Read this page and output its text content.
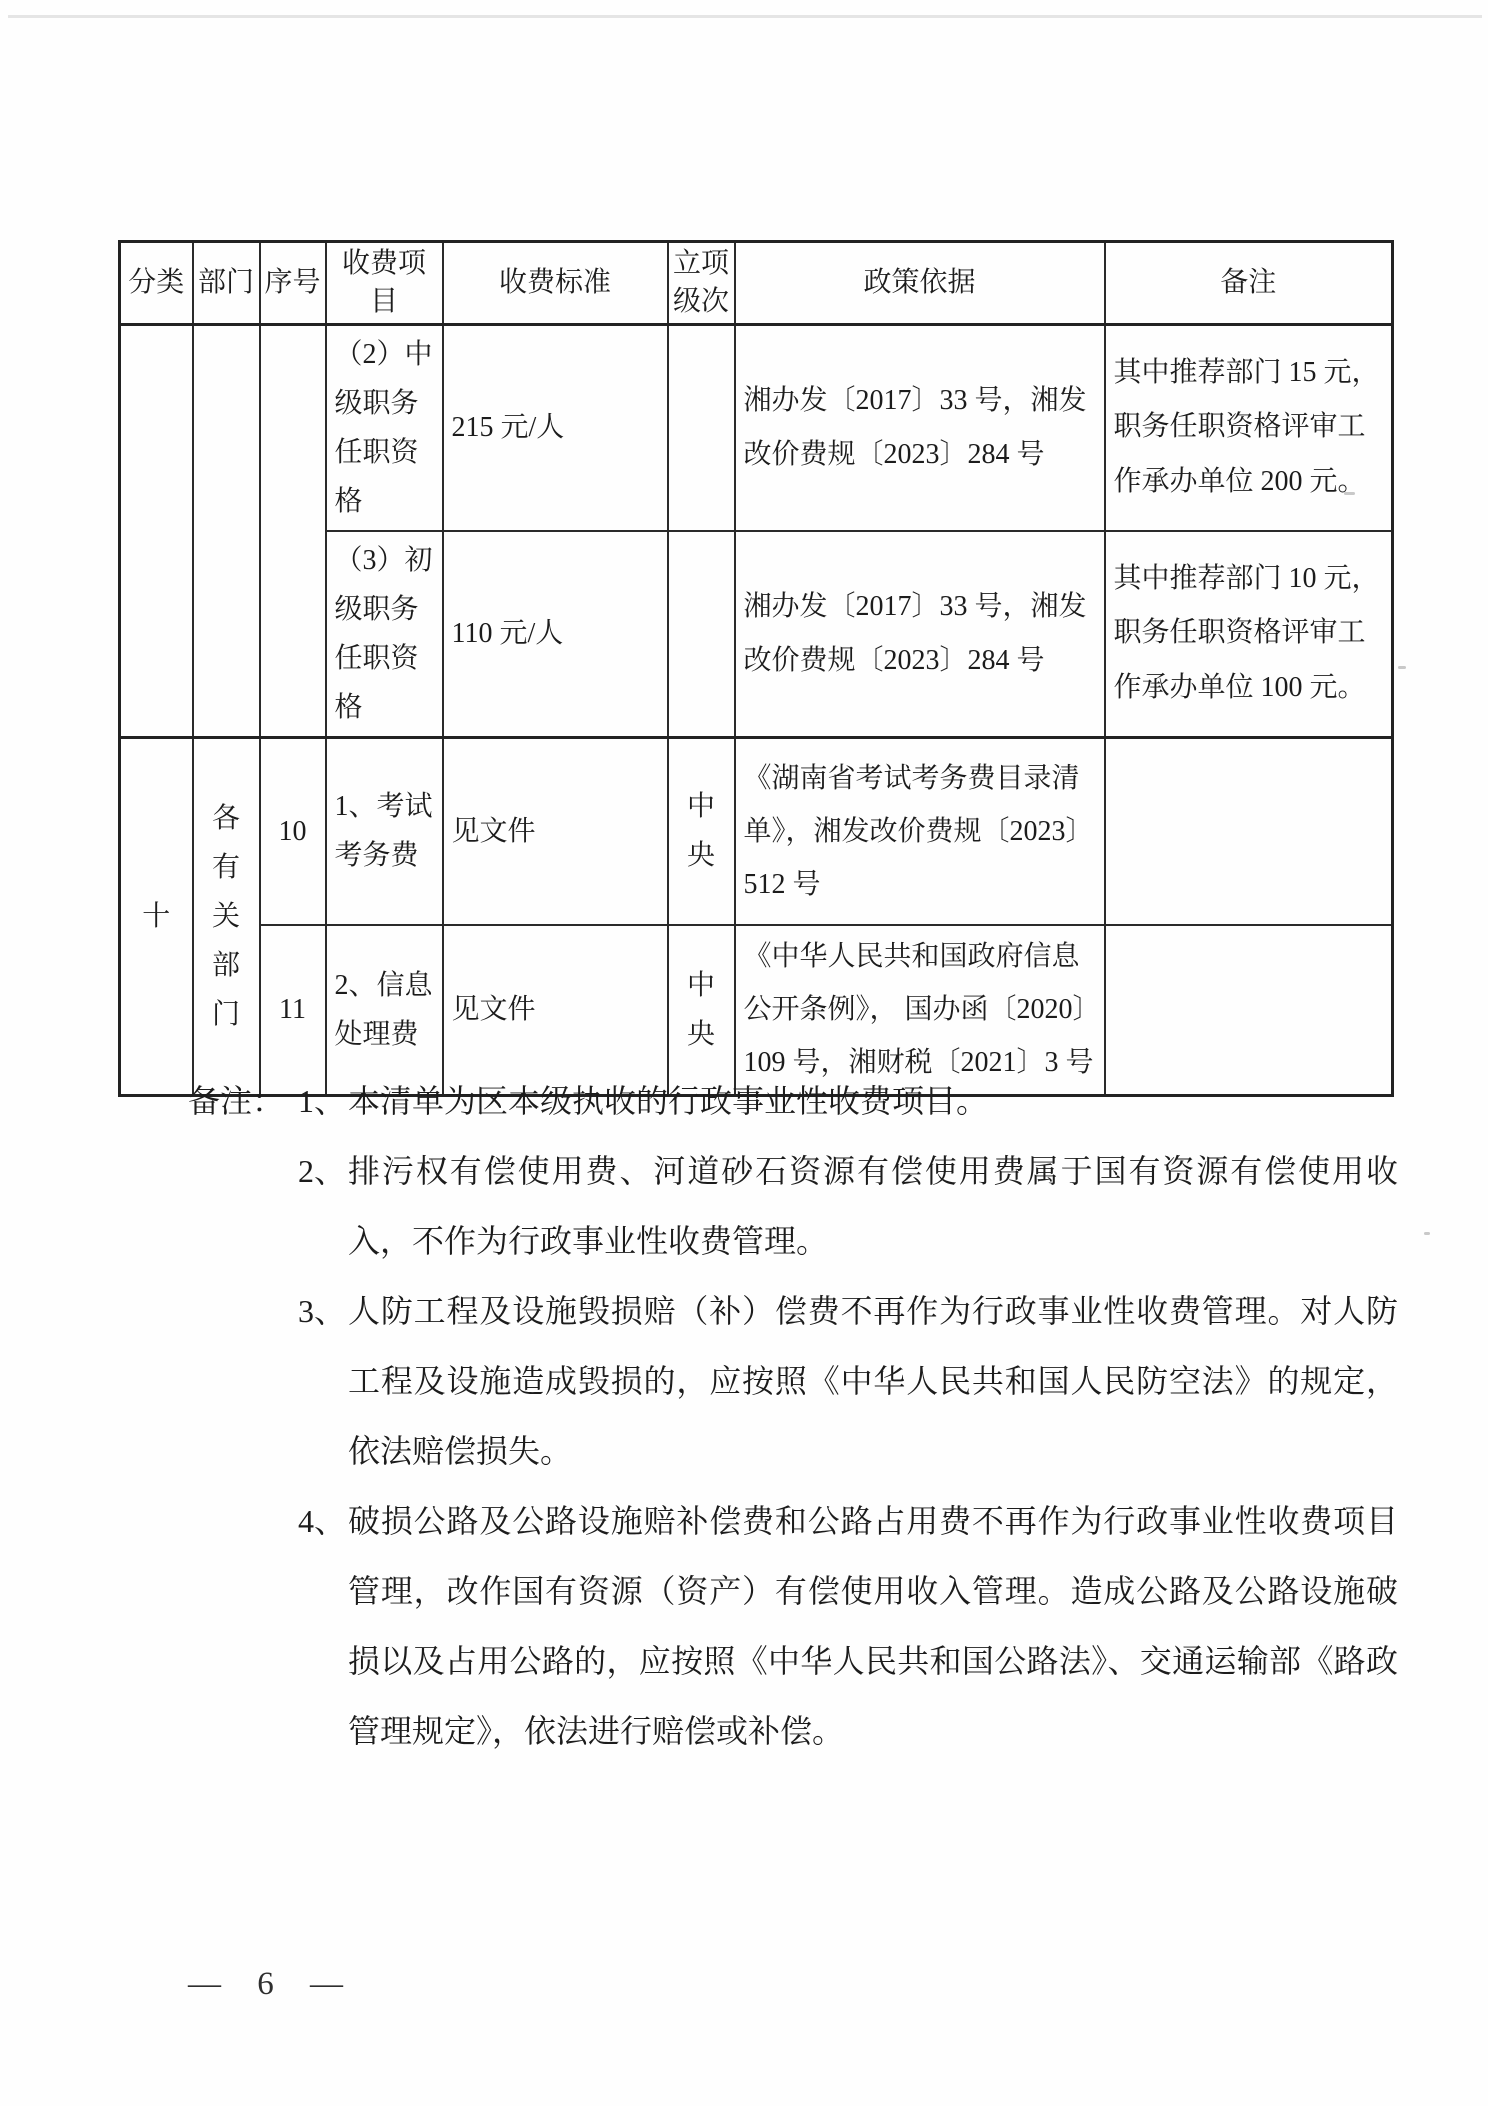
分类	部门	序号	收费项目	收费标准	立项级次	政策依据	备注
			（2）中级职务任职资格	215 元/人		湘办发〔2017〕33 号，湘发改价费规〔2023〕284 号	其中推荐部门 15 元，职务任职资格评审工作承办单位 200 元。
			（3）初级职务任职资格	110 元/人		湘办发〔2017〕33 号，湘发改价费规〔2023〕284 号	其中推荐部门 10 元，职务任职资格评审工作承办单位 100 元。
十	各有关部门	10	1、考试考务费	见文件	中央	《湖南省考试考务费目录清单》，湘发改价费规〔2023〕512 号	
		11	2、信息处理费	见文件	中央	《中华人民共和国政府信息公开条例》， 国办函〔2020〕109 号，湘财税〔2021〕3 号	
备注： 1、 本清单为区本级执收的行政事业性收费项目。
2、 排污权有偿使用费、河道砂石资源有偿使用费属于国有资源有偿使用收入，不作为行政事业性收费管理。
3、 人防工程及设施毁损赔（补）偿费不再作为行政事业性收费管理。对人防工程及设施造成毁损的，应按照《中华人民共和国人民防空法》的规定，依法赔偿损失。
4、 破损公路及公路设施赔补偿费和公路占用费不再作为行政事业性收费项目管理，改作国有资源（资产）有偿使用收入管理。造成公路及公路设施破损以及占用公路的，应按照《中华人民共和国公路法》、交通运输部《路政管理规定》，依法进行赔偿或补偿。
— 6 —
